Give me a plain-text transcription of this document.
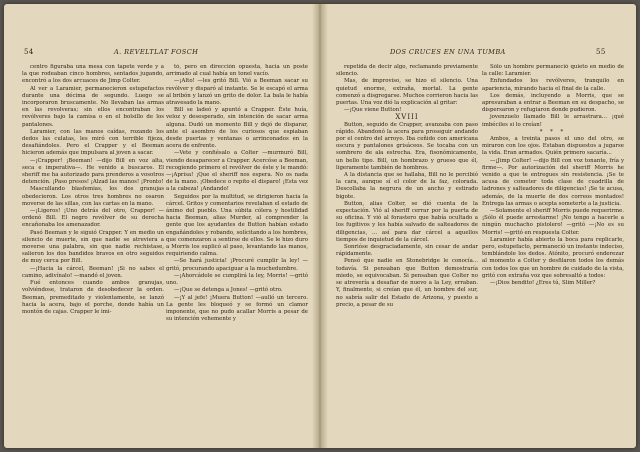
54	A. REVELTLAT FOSCH

centro figuraba una mesa con tapete verde y a la que rodeaban cinco hombres, sentados jugando, encontró a los dos arcuaces de Jimp Colter.

Al ver a Laramier, permanecieron estupefactos durante una décima de segundo. Luego se incorporaron bruscamente. No llevaban las armas en las revolveras; sin ellos encontraban los revólveres bajo la camisa o en el bolsillo de los pantalones.

Laramier, con las manos caídas, rozando los dedos las culatas, les miró con terrible fijeza, desafiándoles. Pero el Crapper y el Beeman hicieron además que impulsara al joven a sacar.

—¡Crapper! ¡Beeman! —dijo Bill en voz alta, seca e imperativa—. He venido a buscaros. El sheriff me ha autorizado para prenderos a vosotros detención. ¡Paso presos! ¡Alzad las manos! ¡Pronto!

Mascullando blasfemias, los dos granujas obedecieron. Los otros tres hombres no osaron moverse de las sillas, con las cartas en la mano.

—¡Ligeros! ¡Uno detrás del otro, Crapper! —ordenó Bill. El negro revólver de su derecha encañonaba los amenazador.

Pasó Beeman y le siguió Crapper. Y en medio un silencio de muerte, sin que nadie se atreviera a moverse una palabra, sin que nadie rechistase, salieron los dos bandidos bravos en otro seguidos de muy cerca por Bill.

—¡Hacia la cárcel, Beeman! ¡Si no sabes el camino, adivínalo! —mandó el joven.

Fué entonces cuando ambos granujas, volviéndose, trataron de desobedecer la orden. Beeman, premeditado y violentamente, se lanzó hacia la acera, bajo el porche, donde había un montón de cajas. Crapper le imi-

tó, pero en dirección opuesta, hacia un poste arrimado al cual había un tonel vacío.

—¡Alto! —les gritó Bill. Vió a Beeman sacar su revólver y disparó al instante. Se le escapó el arma al bribón y lanzó un grito de dolor. La bala le había atravesado la mano.

Bill se ladeó y apuntó a Crapper. Éste huía, veloz y desesperado, sin intención de sacar arma alguna. Dudó un momento Bill y dejó de disparar, ante el asombro de los curiosos que espiaban desde puertas y ventanas o arrinconados en la acera de enfrente.

—Vete y confiésalo a Colter —murmuró Bill, viendo desaparecer a Crapper. Acercóse a Beeman, recogiendo primero el revólver de éste y le mandó: —¡Aprisa! ¡Que el sheriff nos espera. No os nada de la mano. ¡Obedece o repito el disparo! ¡Esta vez a la cabeza! ¡Andando!

Seguidos por la multitud, se dirigieron hacia la cárcel. Gritos y comentarios revelaban el estado de ánimo del pueblo. Una súbita cólera y hostilidad hacia Beeman, alias Murder, al comprender la gente que los ayudantes de Button habían estado engañándoles y robando, solícitando a los hombres, que comenzaron a sentirse de ellos. Se le hizo duro a Morris los suplicó al paso, levantando las manos, requiriendo calma.

—Se hará justicia! ¡Procuré cumplir la ley! —gritó, procurando apaciguar a la muchedumbre.

—¡Ahorcádole se cumplirá la ley, Morris! —gritó uno.

—¡Que se detenga a Jones! —gritó otro.

—¡Y al jefe! ¡Muera Button! —aulló un tercero. La gente les bloqueó y se formó un clamor imponente, que no pudo acallar Morris a pesar de su intención vehemente y

DOS CRUCES EN UNA TUMBA	55

repetida de decir algo, reclamando previamente silencio.

Mas, de improviso, se hizo el silencio. Una quietud enorme, extraña, mortal. La gente comenzó a disgregarse. Muchos corrieron hacia las puertas. Una voz dió la explicación al gritar:

—¡Que viene Button!

XVIII

Button, seguido de Crapper, avanzaba con paso rápido. Abandonó la acera para proseguir andando por el centro del arroyo. Iba ceñido con americana oscura y pantalones grisáceos. Se tocaba con un sombrero de ala estrecha. Era, fisonómicamente, un bello tipo. Bill, un hombrazo y grueso que él, ligeramente también de hombros.

A la distancia que se hallaba, Bill no le percibió la cara, aunque sí el color de la faz, colorada. Descollaba la negrura de un ancho y estirado bigote.

Button, alias Colter, se dió cuenta de la expectación. Vió al sheriff cerrar por la puerta de su oficina. Y vió al forastero que había ocultado a los fugitivos y les había salvado de salteadores de diligencias, ... así para dar cárcel a aquellos tiempos de inquietud de la cárcel.

Sonrióse desgraciadamente, sin cesar de andar rápidamente.

Pensó que nadie en Stonebridge le conocía... todavía. Si pensaban que Button demostraría miedo, se equivocaban. Si pensaban que Colter no se atrevería a desafiar de nuevo a la Ley, erraban. Y, finalmente, si creían que él, un hombre del sur, no sabría salir del Estado de Arizona, y puesto a precio, a pesar de su

Sólo un hombre permaneció quieto en medio de la calle: Laramier.

Enfundados los revólveres, tranquilo en apariencia, mirando hacia el final de la calle.

Los demás, incluyendo a Morris, que se apresuraban a entrar a Beeman en su despacho, se dispersaron y refugiaron donde pudieron.

jovenzuelo llamado Bill le arrastrara... ¡qué imbéciles si lo creían!

* * *

Ambos, a treinta pasos el uno del otro, se miraron con los ojos. Estaban dispuestos a jugarse la vida. Eran armados. Quién primero sacaría...

—¡Jimp Colter! —dijo Bill con voz tonante, fría y firme—. Por autorización del sheriff Morris he venido a que te entregues sin resistencia. ¡Se te acusa de cometer toda clase de cuadrilla de ladrones y salteadores de diligencias! ¡Se te acusa, además, de la muerte de dos correos montados! Entrega las armas o acepta someterte a la justicia.

—Solamente el sheriff Morris puede requerirme. ¡Sólo él puede arrestarme! ¡No tengo a hacerle a ningún muchacho pistolero! —gritó —¡No es su Morris! —gritó en respuesta Colter.

Laramier había abierto la boca para replicarle, pero, estupefacto, permaneció un instante indeciso, temblándole los dedos. Atónito, procuró enderezar al momento a Colter y desfilaron todos los demás con todos los que un hombre de cuidado de la vista, gritó con extraña voz que sobresaltó a todos:

—¡Dios bendito! ¿Eres tú, Slim Miller?
